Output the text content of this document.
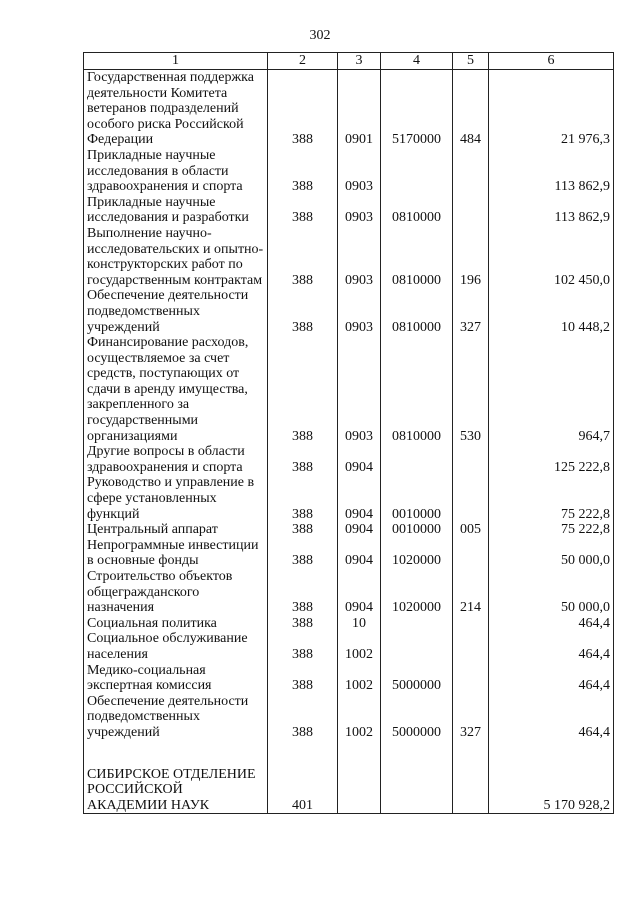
302
1	2	3	4	5	6
Государственная поддержка деятельности Комитета ветеранов подразделений особого риска Российской Федерации	388	0901	5170000	484	21 976,3
Прикладные научные исследования в области здравоохранения и спорта	388	0903			113 862,9
Прикладные научные исследования и разработки	388	0903	0810000		113 862,9
Выполнение научно-исследовательских и опытно-конструкторских работ по государственным контрактам	388	0903	0810000	196	102 450,0
Обеспечение деятельности подведомственных учреждений	388	0903	0810000	327	10 448,2
Финансирование расходов, осуществляемое за счет средств, поступающих от сдачи в аренду имущества, закрепленного за государственными организациями	388	0903	0810000	530	964,7
Другие вопросы в области здравоохранения и спорта	388	0904			125 222,8
Руководство и управление в сфере установленных функций	388	0904	0010000		75 222,8
Центральный аппарат	388	0904	0010000	005	75 222,8
Непрограммные инвестиции в основные фонды	388	0904	1020000		50 000,0
Строительство объектов общегражданского назначения	388	0904	1020000	214	50 000,0
Социальная политика	388	10			464,4
Социальное обслуживание населения	388	1002			464,4
Медико-социальная экспертная комиссия	388	1002	5000000		464,4
Обеспечение деятельности подведомственных учреждений	388	1002	5000000	327	464,4

СИБИРСКОЕ ОТДЕЛЕНИЕ РОССИЙСКОЙ АКАДЕМИИ НАУК	401				5 170 928,2
